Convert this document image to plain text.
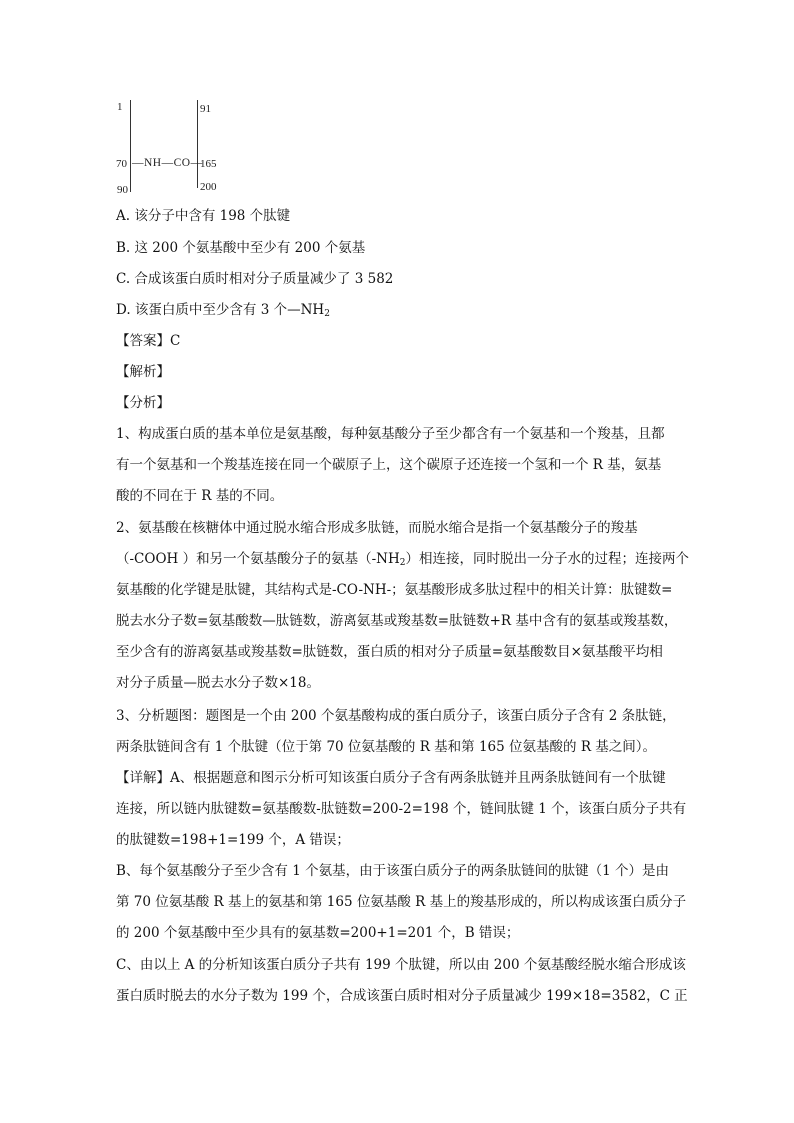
1
70
90
91
165
200
—NH—CO—
A. 该分子中含有 198 个肽键
B. 这 200 个氨基酸中至少有 200 个氨基
C. 合成该蛋白质时相对分子质量减少了 3 582
D. 该蛋白质中至少含有 3 个$—NH_2$
【答案】C
【解析】
【分析】
1、构成蛋白质的基本单位是氨基酸，每种氨基酸分子至少都含有一个氨基和一个羧基，且都
有一个氨基和一个羧基连接在同一个碳原子上，这个碳原子还连接一个氢和一个 R 基，氨基
酸的不同在于 R 基的不同。
2、氨基酸在核糖体中通过脱水缩合形成多肽链，而脱水缩合是指一个氨基酸分子的羧基
（-COOH ）和另一个氨基酸分子的氨基$(-NH_2)$相连接，同时脱出一分子水的过程；连接两个
氨基酸的化学键是肽键，其结构式是-CO-NH-；氨基酸形成多肽过程中的相关计算：肽键数=
脱去水分子数=氨基酸数—肽链数，游离氨基或羧基数=肽链数+R 基中含有的氨基或羧基数，
至少含有的游离氨基或羧基数=肽链数，蛋白质的相对分子质量=氨基酸数目×氨基酸平均相
对分子质量—脱去水分子数×18。
3、分析题图：题图是一个由 200 个氨基酸构成的蛋白质分子，该蛋白质分子含有 2 条肽链，
两条肽链间含有 1 个肽键（位于第 70 位氨基酸的 R 基和第 165 位氨基酸的 R 基之间）。
【详解】A、根据题意和图示分析可知该蛋白质分子含有两条肽链并且两条肽链间有一个肽键
连接，所以链内肽键数=氨基酸数-肽链数=200-2=198 个，链间肽键 1 个，该蛋白质分子共有
的肽键数=198+1=199 个，A 错误；
B、每个氨基酸分子至少含有 1 个氨基，由于该蛋白质分子的两条肽链间的肽键（1 个）是由
第 70 位氨基酸 R 基上的氨基和第 165 位氨基酸 R 基上的羧基形成的，所以构成该蛋白质分子
的 200 个氨基酸中至少具有的氨基数=200+1=201 个，B 错误；
C、由以上 A 的分析知该蛋白质分子共有 199 个肽键，所以由 200 个氨基酸经脱水缩合形成该
蛋白质时脱去的水分子数为 199 个，合成该蛋白质时相对分子质量减少 199×18=3582，C 正
